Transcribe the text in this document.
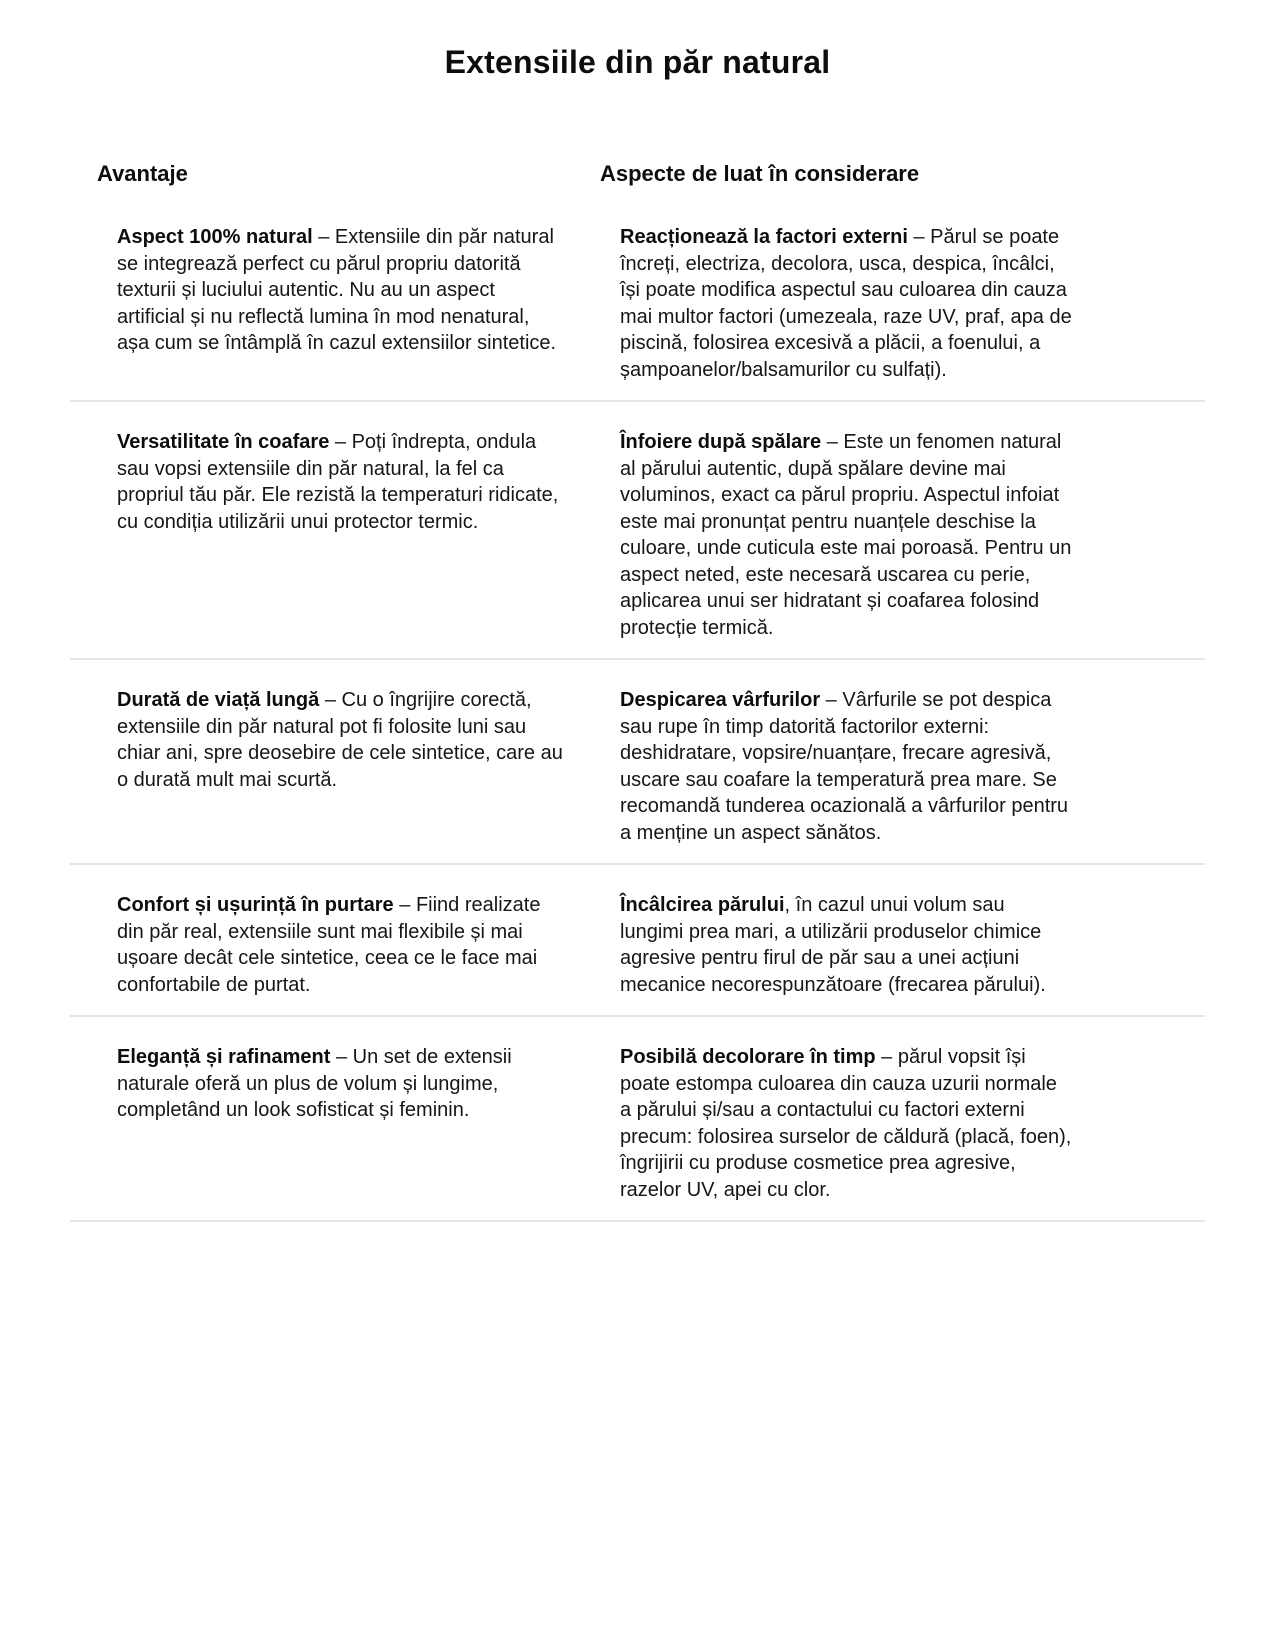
Extensiile din păr natural
Avantaje	Aspecte de luat în considerare

Aspect 100% natural – Extensiile din păr natural se integrează perfect cu părul propriu datorită texturii și luciului autentic. Nu au un aspect artificial și nu reflectă lumina în mod nenatural, așa cum se întâmplă în cazul extensiilor sintetice.

Reacționează la factori externi – Părul se poate încreți, electriza, decolora, usca, despica, încâlci, își poate modifica aspectul sau culoarea din cauza mai multor factori (umezeala, raze UV, praf, apa de piscină, folosirea excesivă a plăcii, a foenului, a șampoanelor/balsamurilor cu sulfați).

Versatilitate în coafare – Poți îndrepta, ondula sau vopsi extensiile din păr natural, la fel ca propriul tău păr. Ele rezistă la temperaturi ridicate, cu condiția utilizării unui protector termic.

Înfoiere după spălare – Este un fenomen natural al părului autentic, după spălare devine mai voluminos, exact ca părul propriu. Aspectul infoiat este mai pronunțat pentru nuanțele deschise la culoare, unde cuticula este mai poroasă. Pentru un aspect neted, este necesară uscarea cu perie, aplicarea unui ser hidratant și coafarea folosind protecție termică.

Durată de viață lungă – Cu o îngrijire corectă, extensiile din păr natural pot fi folosite luni sau chiar ani, spre deosebire de cele sintetice, care au o durată mult mai scurtă.

Despicarea vârfurilor – Vârfurile se pot despica sau rupe în timp datorită factorilor externi: deshidratare, vopsire/nuanțare, frecare agresivă, uscare sau coafare la temperatură prea mare. Se recomandă tunderea ocazională a vârfurilor pentru a menține un aspect sănătos.

Confort și ușurință în purtare – Fiind realizate din păr real, extensiile sunt mai flexibile și mai ușoare decât cele sintetice, ceea ce le face mai confortabile de purtat.

Încâlcirea părului, în cazul unui volum sau lungimi prea mari, a utilizării produselor chimice agresive pentru firul de păr sau a unei acțiuni mecanice necorespunzătoare (frecarea părului).

Eleganță și rafinament – Un set de extensii naturale oferă un plus de volum și lungime, completând un look sofisticat și feminin.

Posibilă decolorare în timp – părul vopsit își poate estompa culoarea din cauza uzurii normale a părului și/sau a contactului cu factori externi precum: folosirea surselor de căldură (placă, foen), îngrijirii cu produse cosmetice prea agresive, razelor UV, apei cu clor.
